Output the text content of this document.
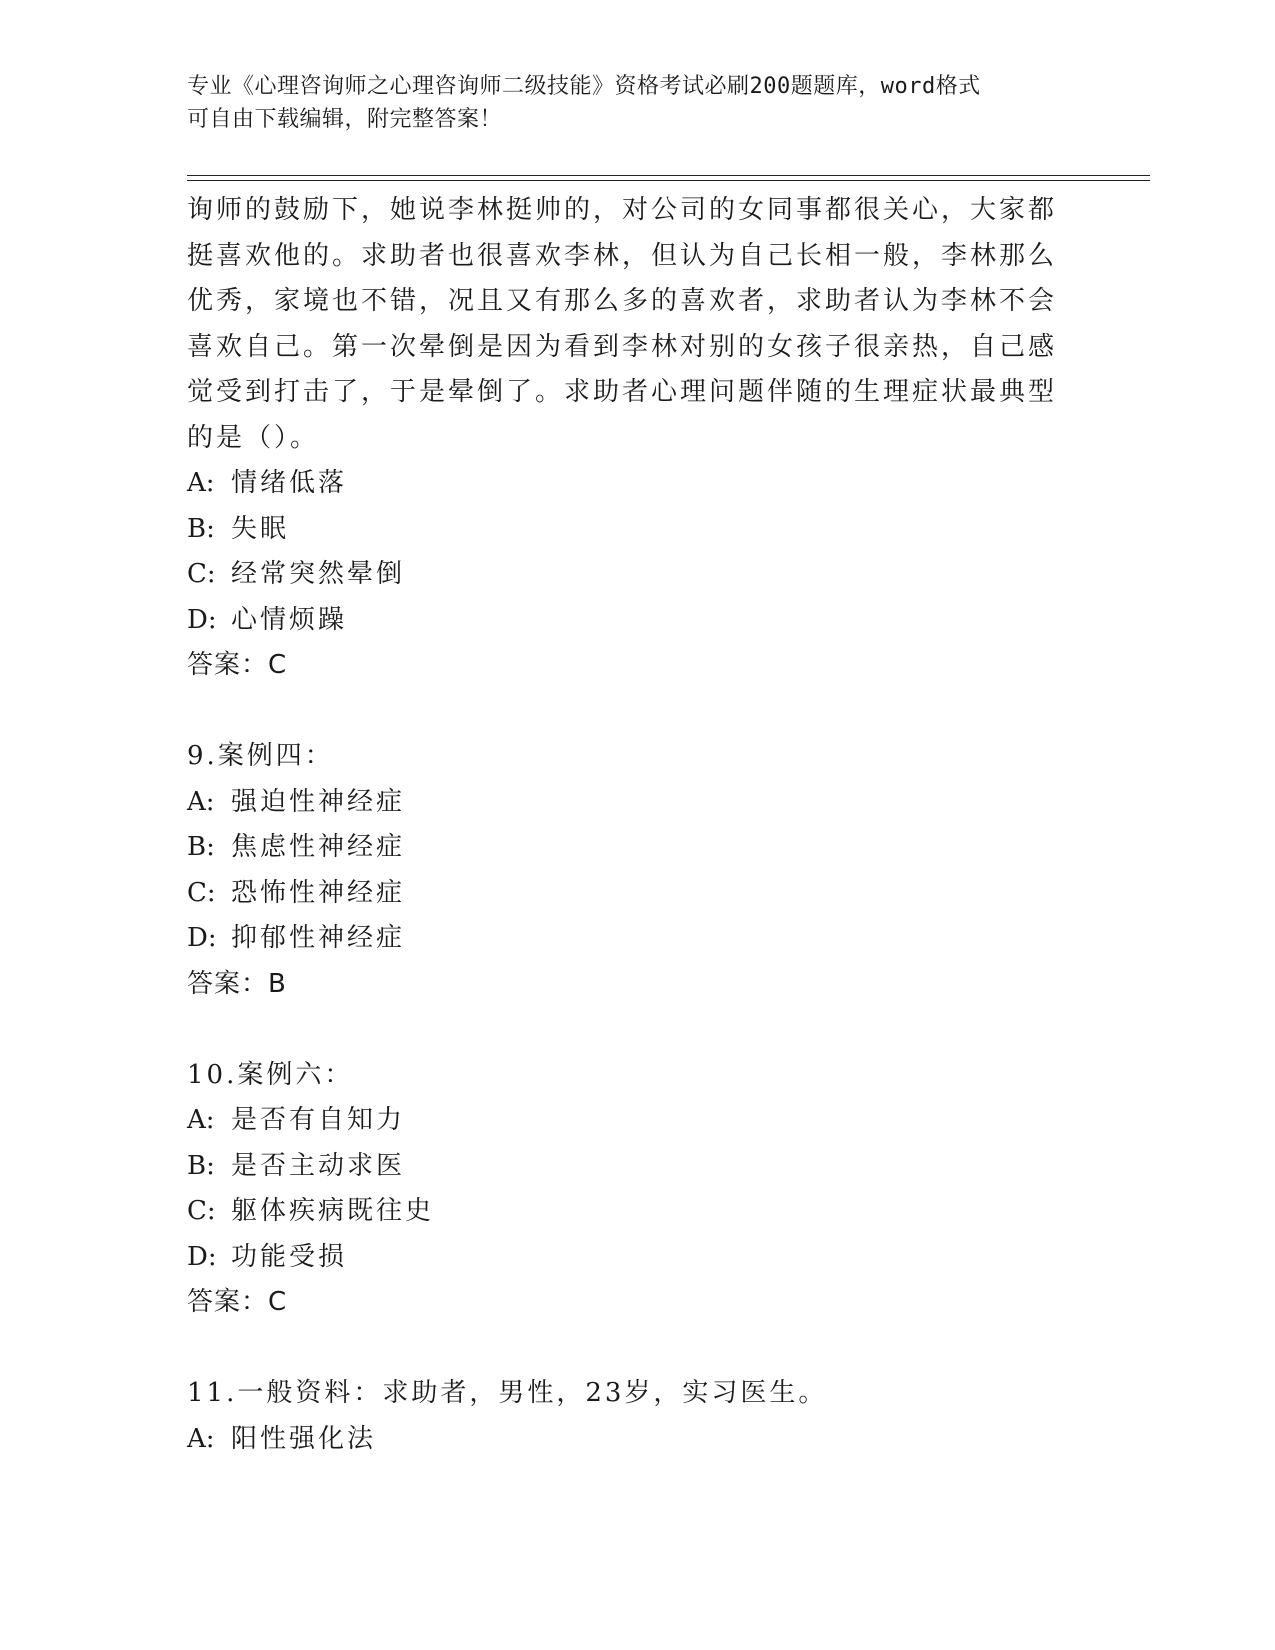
专业《心理咨询师之心理咨询师二级技能》资格考试必刷200题题库，word格式
可自由下载编辑，附完整答案！
询师的鼓励下，她说李林挺帅的，对公司的女同事都很关心，大家都
挺喜欢他的。求助者也很喜欢李林，但认为自己长相一般，李林那么
优秀，家境也不错，况且又有那么多的喜欢者，求助者认为李林不会
喜欢自己。第一次晕倒是因为看到李林对别的女孩子很亲热，自己感
觉受到打击了，于是晕倒了。求助者心理问题伴随的生理症状最典型
的是（）。
A: 情绪低落
B: 失眠
C: 经常突然晕倒
D: 心情烦躁
答案：C
9.案例四：
A: 强迫性神经症
B: 焦虑性神经症
C: 恐怖性神经症
D: 抑郁性神经症
答案：B
10.案例六：
A: 是否有自知力
B: 是否主动求医
C: 躯体疾病既往史
D: 功能受损
答案：C
11.一般资料：求助者，男性，23岁，实习医生。
A: 阳性强化法
